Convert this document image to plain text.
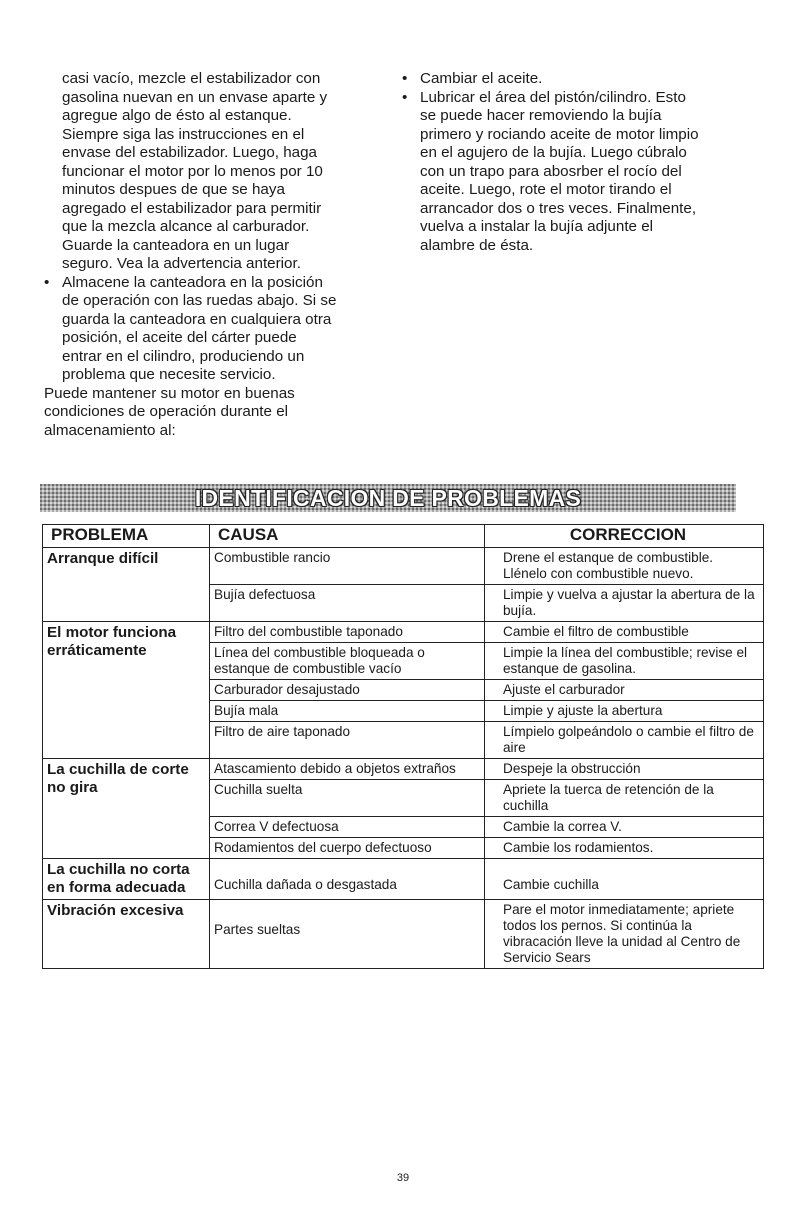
casi vacío, mezcle el estabilizador con
gasolina nuevan en un envase aparte y
agregue algo de ésto al estanque.
Siempre siga las instrucciones en el
envase del estabilizador. Luego, haga
funcionar el motor por lo menos por 10
minutos despues de que se haya
agregado el estabilizador para permitir
que la mezcla alcance al carburador.
Guarde la canteadora en un lugar
seguro. Vea la advertencia anterior.
• Almacene la canteadora en la posición
de operación con las ruedas abajo. Si se
guarda la canteadora en cualquiera otra
posición, el aceite del cárter puede
entrar en el cilindro, produciendo un
problema que necesite servicio.
Puede mantener su motor en buenas
condiciones de operación durante el
almacenamiento al:
• Cambiar el aceite.
• Lubricar el área del pistón/cilindro. Esto
se puede hacer removiendo la bujía
primero y rociando aceite de motor limpio
en el agujero de la bujía. Luego cúbralo
con un trapo para abosrber el rocío del
aceite. Luego, rote el motor tirando el
arrancador dos o tres veces. Finalmente,
vuelva a instalar la bujía adjunte el
alambre de ésta.
IDENTIFICACION DE PROBLEMAS
PROBLEMA	CAUSA	CORRECCION
Arranque difícil	Combustible rancio	Drene el estanque de combustible. Llénelo con combustible nuevo.
	Bujía defectuosa	Limpie y vuelva a ajustar la abertura de la bujía.
El motor funciona erráticamente	Filtro del combustible taponado	Cambie el filtro de combustible
	Línea del combustible bloqueada o estanque de combustible vacío	Limpie la línea del combustible; revise el estanque de gasolina.
	Carburador desajustado	Ajuste el carburador
	Bujía mala	Limpie y ajuste la abertura
	Filtro de aire taponado	Límpielo golpeándolo o cambie el filtro de aire
La cuchilla de corte no gira	Atascamiento debido a objetos extraños	Despeje la obstrucción
	Cuchilla suelta	Apriete la tuerca de retención de la cuchilla
	Correa V defectuosa	Cambie la correa V.
	Rodamientos del cuerpo defectuoso	Cambie los rodamientos.
La cuchilla no corta en forma adecuada	Cuchilla dañada o desgastada	Cambie cuchilla
Vibración excesiva	Partes sueltas	Pare el motor inmediatamente; apriete todos los pernos. Si continúa la vibracación lleve la unidad al Centro de Servicio Sears
39
